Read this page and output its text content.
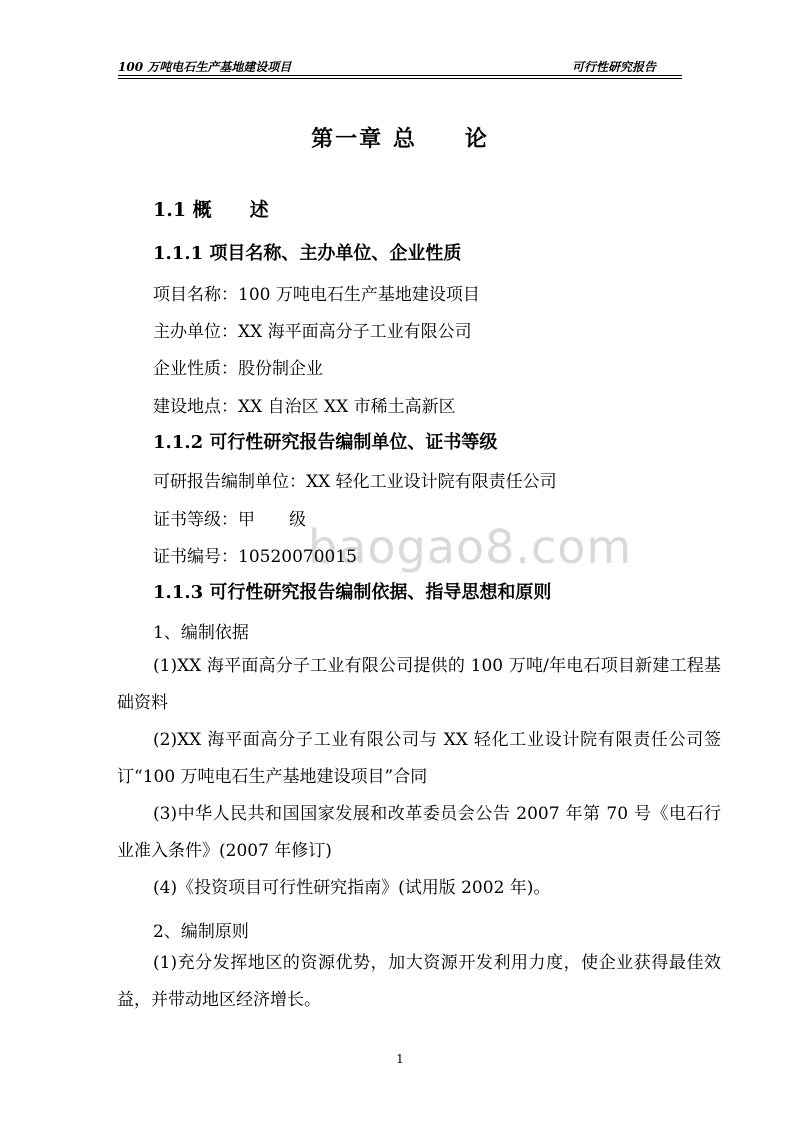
100 万吨电石生产基地建设项目	可行性研究报告
第一章 总　　论
1.1 概　　述
1.1.1 项目名称、主办单位、企业性质
项目名称：100 万吨电石生产基地建设项目
主办单位：XX 海平面高分子工业有限公司
企业性质：股份制企业
建设地点：XX 自治区 XX 市稀土高新区
1.1.2 可行性研究报告编制单位、证书等级
可研报告编制单位：XX 轻化工业设计院有限责任公司
证书等级：甲　　级 baogao8.com
证书编号：10520070015
1.1.3 可行性研究报告编制依据、指导思想和原则
1、编制依据
(1)XX 海平面高分子工业有限公司提供的 100 万吨/年电石项目新建工程基础资料
(2)XX 海平面高分子工业有限公司与 XX 轻化工业设计院有限责任公司签订“100 万吨电石生产基地建设项目”合同
(3)中华人民共和国国家发展和改革委员会公告 2007 年第 70 号《电石行业准入条件》(2007 年修订)
(4)《投资项目可行性研究指南》(试用版 2002 年)。
2、编制原则
(1)充分发挥地区的资源优势，加大资源开发利用力度，使企业获得最佳效益，并带动地区经济增长。
1
